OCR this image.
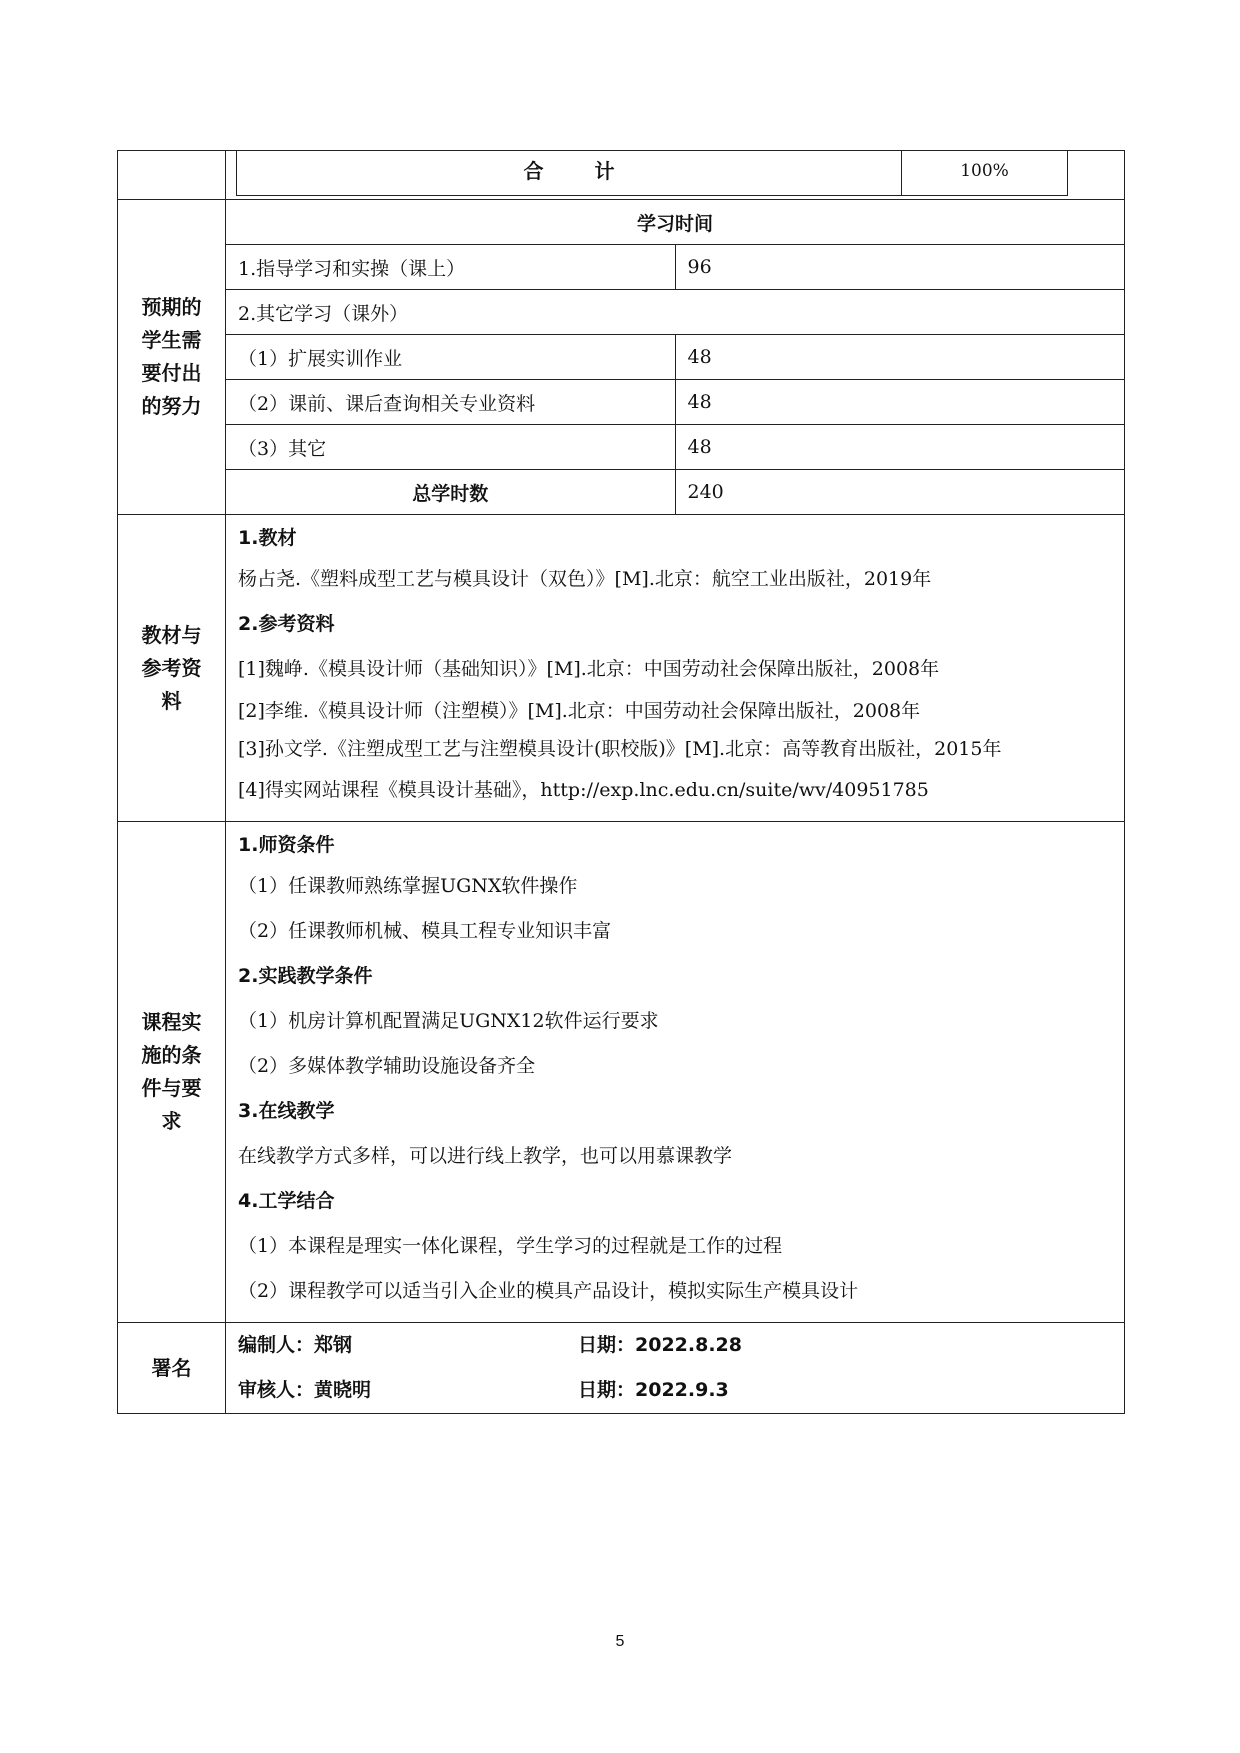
合 计	100%

预期的
学生需
要付出
的努力

学习时间
1.指导学习和实操（课上）	96
2.其它学习（课外）
（1）扩展实训作业	48
（2）课前、课后查询相关专业资料	48
（3）其它	48
总学时数	240

教材与
参考资
料

1.教材
杨占尧.《塑料成型工艺与模具设计（双色）》[M].北京：航空工业出版社，2019年
2.参考资料
[1]魏峥.《模具设计师（基础知识）》[M].北京：中国劳动社会保障出版社，2008年
[2]李维.《模具设计师（注塑模）》[M].北京：中国劳动社会保障出版社，2008年
[3]孙文学.《注塑成型工艺与注塑模具设计(职校版)》[M].北京：高等教育出版社，2015年
[4]得实网站课程《模具设计基础》，http://exp.lnc.edu.cn/suite/wv/40951785

课程实
施的条
件与要
求

1.师资条件
（1）任课教师熟练掌握UGNX软件操作
（2）任课教师机械、模具工程专业知识丰富
2.实践教学条件
（1）机房计算机配置满足UGNX12软件运行要求
（2）多媒体教学辅助设施设备齐全
3.在线教学
在线教学方式多样，可以进行线上教学，也可以用慕课教学
4.工学结合
（1）本课程是理实一体化课程，学生学习的过程就是工作的过程
（2）课程教学可以适当引入企业的模具产品设计，模拟实际生产模具设计

署名	
编制人：郑钢	日期：2022.8.28
审核人：黄晓明	日期：2022.9.3
5
